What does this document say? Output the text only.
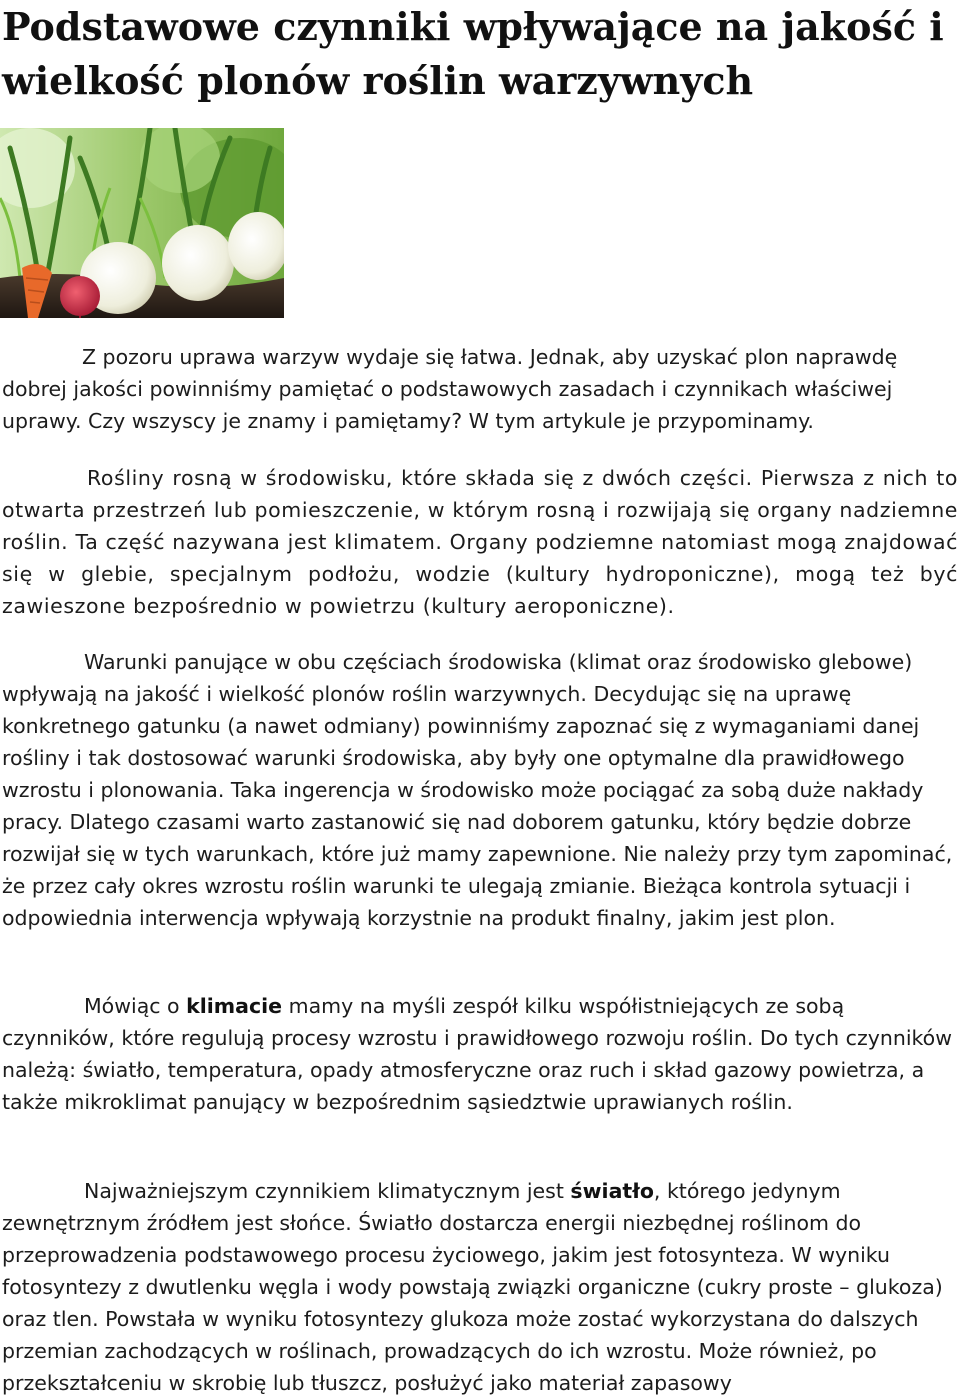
Podstawowe czynniki wpływające na jakość i wielkość plonów roślin warzywnych

Z pozoru uprawa warzyw wydaje się łatwa. Jednak, aby uzyskać plon naprawdę dobrej jakości powinniśmy pamiętać o podstawowych zasadach i czynnikach właściwej uprawy. Czy wszyscy je znamy i pamiętamy? W tym artykule je przypominamy.

Rośliny rosną w środowisku, które składa się z dwóch części. Pierwsza z nich to otwarta przestrzeń lub pomieszczenie, w którym rosną i rozwijają się organy nadziemne roślin. Ta część nazywana jest klimatem. Organy podziemne natomiast mogą znajdować się w glebie, specjalnym podłożu, wodzie (kultury hydroponiczne), mogą też być zawieszone bezpośrednio w powietrzu (kultury aeroponiczne).

Warunki panujące w obu częściach środowiska (klimat oraz środowisko glebowe) wpływają na jakość i wielkość plonów roślin warzywnych. Decydując się na uprawę konkretnego gatunku (a nawet odmiany) powinniśmy zapoznać się z wymaganiami danej rośliny i tak dostosować warunki środowiska, aby były one optymalne dla prawidłowego wzrostu i plonowania. Taka ingerencja w środowisko może pociągać za sobą duże nakłady pracy. Dlatego czasami warto zastanowić się nad doborem gatunku, który będzie dobrze rozwijał się w tych warunkach, które już mamy zapewnione. Nie należy przy tym zapominać, że przez cały okres wzrostu roślin warunki te ulegają zmianie. Bieżąca kontrola sytuacji i odpowiednia interwencja wpływają korzystnie na produkt finalny, jakim jest plon.

Mówiąc o klimacie mamy na myśli zespół kilku współistniejących ze sobą czynników, które regulują procesy wzrostu i prawidłowego rozwoju roślin. Do tych czynników należą: światło, temperatura, opady atmosferyczne oraz ruch i skład gazowy powietrza, a także mikroklimat panujący w bezpośrednim sąsiedztwie uprawianych roślin.

Najważniejszym czynnikiem klimatycznym jest światło, którego jedynym zewnętrznym źródłem jest słońce. Światło dostarcza energii niezbędnej roślinom do przeprowadzenia podstawowego procesu życiowego, jakim jest fotosynteza. W wyniku fotosyntezy z dwutlenku węgla i wody powstają związki organiczne (cukry proste – glukoza) oraz tlen. Powstała w wyniku fotosyntezy glukoza może zostać wykorzystana do dalszych przemian zachodzących w roślinach, prowadzących do ich wzrostu. Może również, po przekształceniu w skrobię lub tłuszcz, posłużyć jako materiał zapasowy
